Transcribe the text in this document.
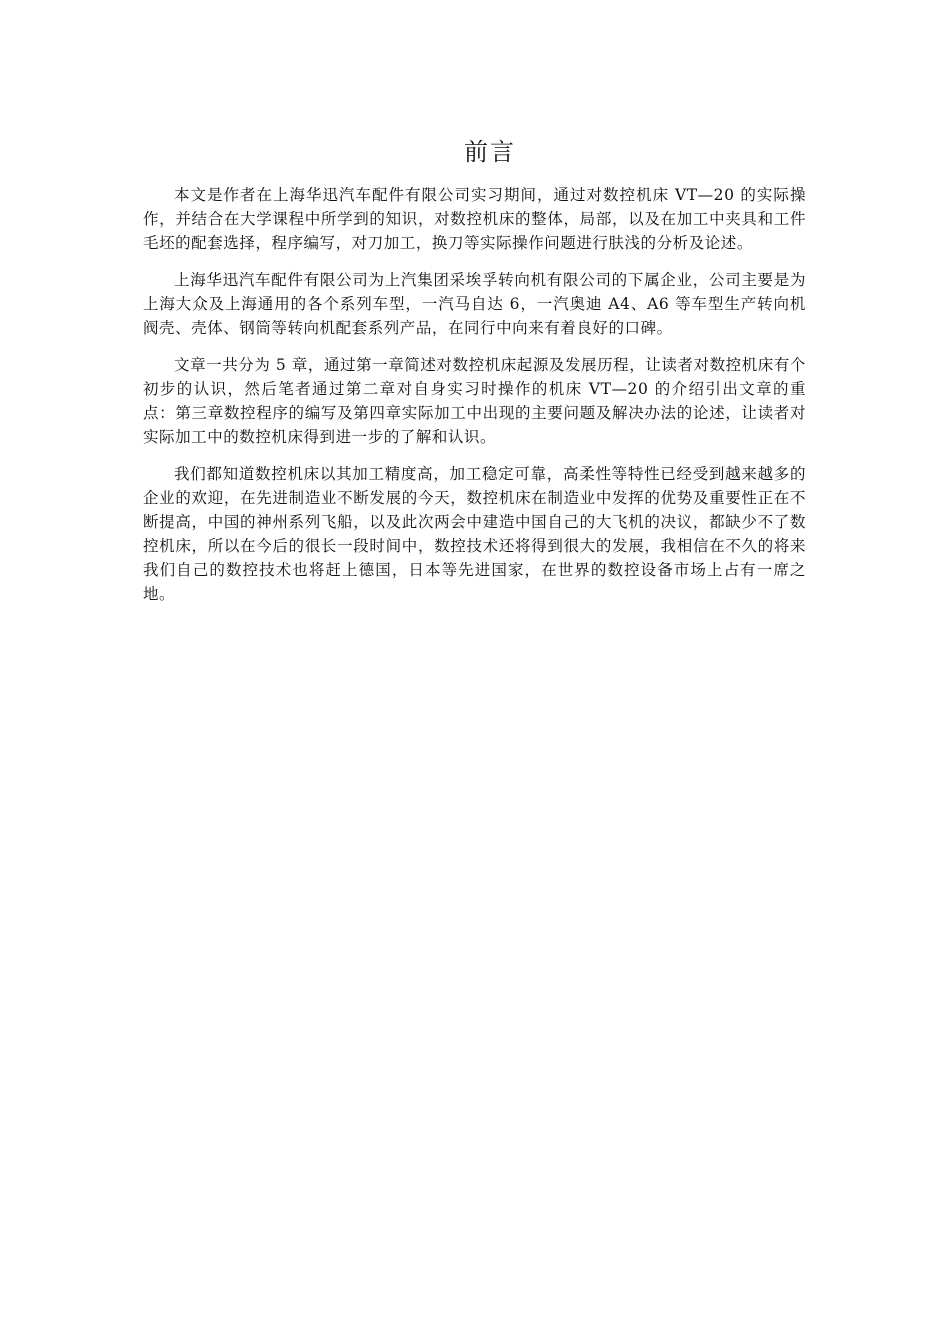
前言

本文是作者在上海华迅汽车配件有限公司实习期间，通过对数控机床 VT—20 的实际操作，并结合在大学课程中所学到的知识，对数控机床的整体，局部，以及在加工中夹具和工件毛坯的配套选择，程序编写，对刀加工，换刀等实际操作问题进行肤浅的分析及论述。

上海华迅汽车配件有限公司为上汽集团采埃孚转向机有限公司的下属企业，公司主要是为上海大众及上海通用的各个系列车型，一汽马自达 6，一汽奥迪 A4、A6 等车型生产转向机阀壳、壳体、钢筒等转向机配套系列产品，在同行中向来有着良好的口碑。

文章一共分为 5 章，通过第一章简述对数控机床起源及发展历程，让读者对数控机床有个初步的认识，然后笔者通过第二章对自身实习时操作的机床 VT—20 的介绍引出文章的重点：第三章数控程序的编写及第四章实际加工中出现的主要问题及解决办法的论述，让读者对实际加工中的数控机床得到进一步的了解和认识。

我们都知道数控机床以其加工精度高，加工稳定可靠，高柔性等特性已经受到越来越多的企业的欢迎，在先进制造业不断发展的今天，数控机床在制造业中发挥的优势及重要性正在不断提高，中国的神州系列飞船，以及此次两会中建造中国自己的大飞机的决议，都缺少不了数控机床，所以在今后的很长一段时间中，数控技术还将得到很大的发展，我相信在不久的将来我们自己的数控技术也将赶上德国，日本等先进国家，在世界的数控设备市场上占有一席之地。
